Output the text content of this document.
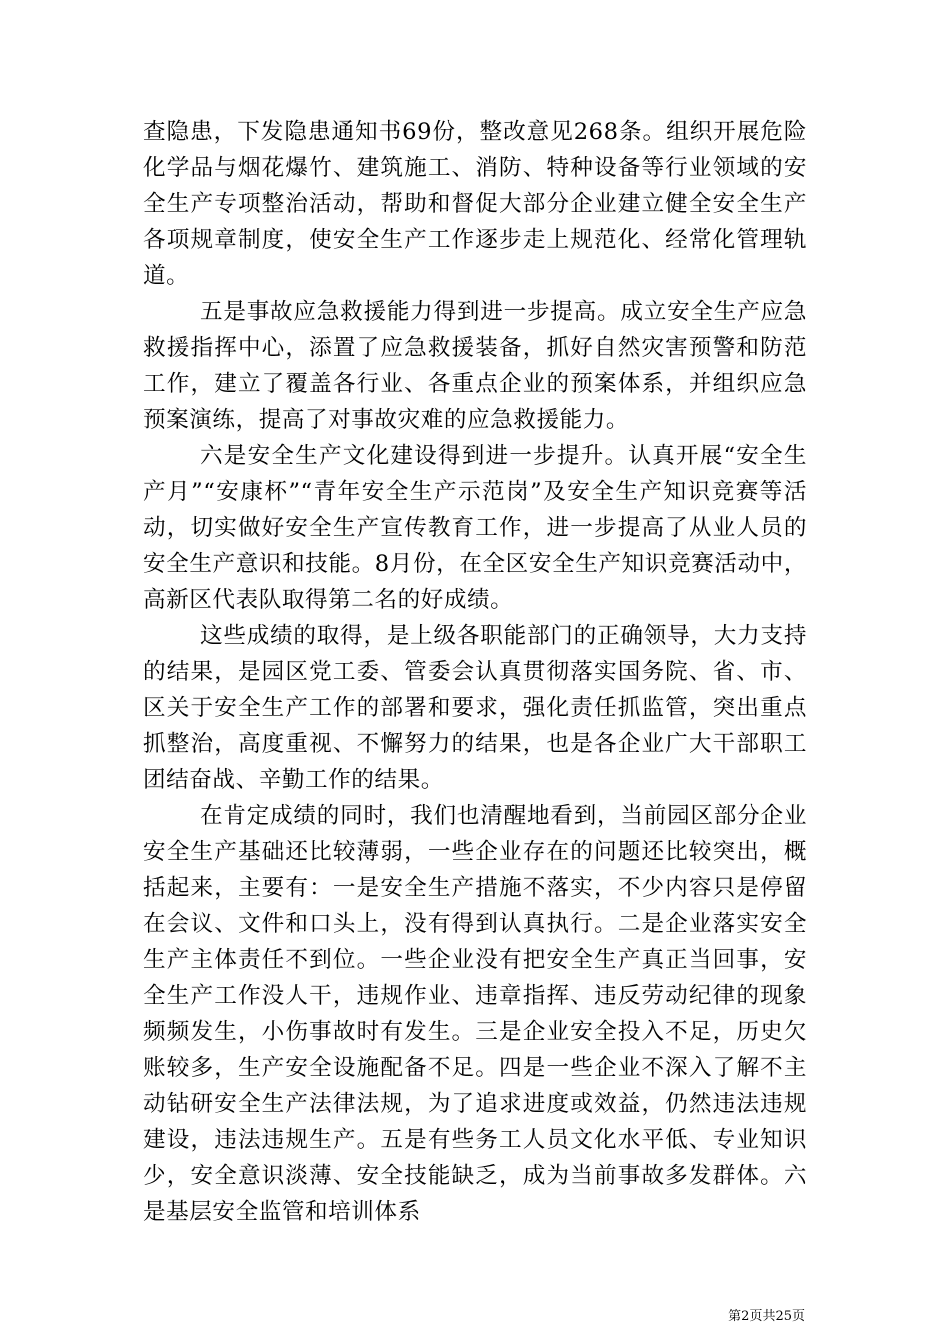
查隐患，下发隐患通知书69份，整改意见268条。组织开展危险化学品与烟花爆竹、建筑施工、消防、特种设备等行业领域的安全生产专项整治活动，帮助和督促大部分企业建立健全安全生产各项规章制度，使安全生产工作逐步走上规范化、经常化管理轨道。

五是事故应急救援能力得到进一步提高。成立安全生产应急救援指挥中心，添置了应急救援装备，抓好自然灾害预警和防范工作，建立了覆盖各行业、各重点企业的预案体系，并组织应急预案演练，提高了对事故灾难的应急救援能力。

六是安全生产文化建设得到进一步提升。认真开展“安全生产月”“安康杯”“青年安全生产示范岗”及安全生产知识竞赛等活动，切实做好安全生产宣传教育工作，进一步提高了从业人员的安全生产意识和技能。8月份，在全区安全生产知识竞赛活动中，高新区代表队取得第二名的好成绩。

这些成绩的取得，是上级各职能部门的正确领导，大力支持的结果，是园区党工委、管委会认真贯彻落实国务院、省、市、区关于安全生产工作的部署和要求，强化责任抓监管，突出重点抓整治，高度重视、不懈努力的结果，也是各企业广大干部职工团结奋战、辛勤工作的结果。

在肯定成绩的同时，我们也清醒地看到，当前园区部分企业安全生产基础还比较薄弱，一些企业存在的问题还比较突出，概括起来，主要有：一是安全生产措施不落实，不少内容只是停留在会议、文件和口头上，没有得到认真执行。二是企业落实安全生产主体责任不到位。一些企业没有把安全生产真正当回事，安全生产工作没人干，违规作业、违章指挥、违反劳动纪律的现象频频发生，小伤事故时有发生。三是企业安全投入不足，历史欠账较多，生产安全设施配备不足。四是一些企业不深入了解不主动钻研安全生产法律法规，为了追求进度或效益，仍然违法违规建设，违法违规生产。五是有些务工人员文化水平低、专业知识少，安全意识淡薄、安全技能缺乏，成为当前事故多发群体。六是基层安全监管和培训体系

第2页共25页
